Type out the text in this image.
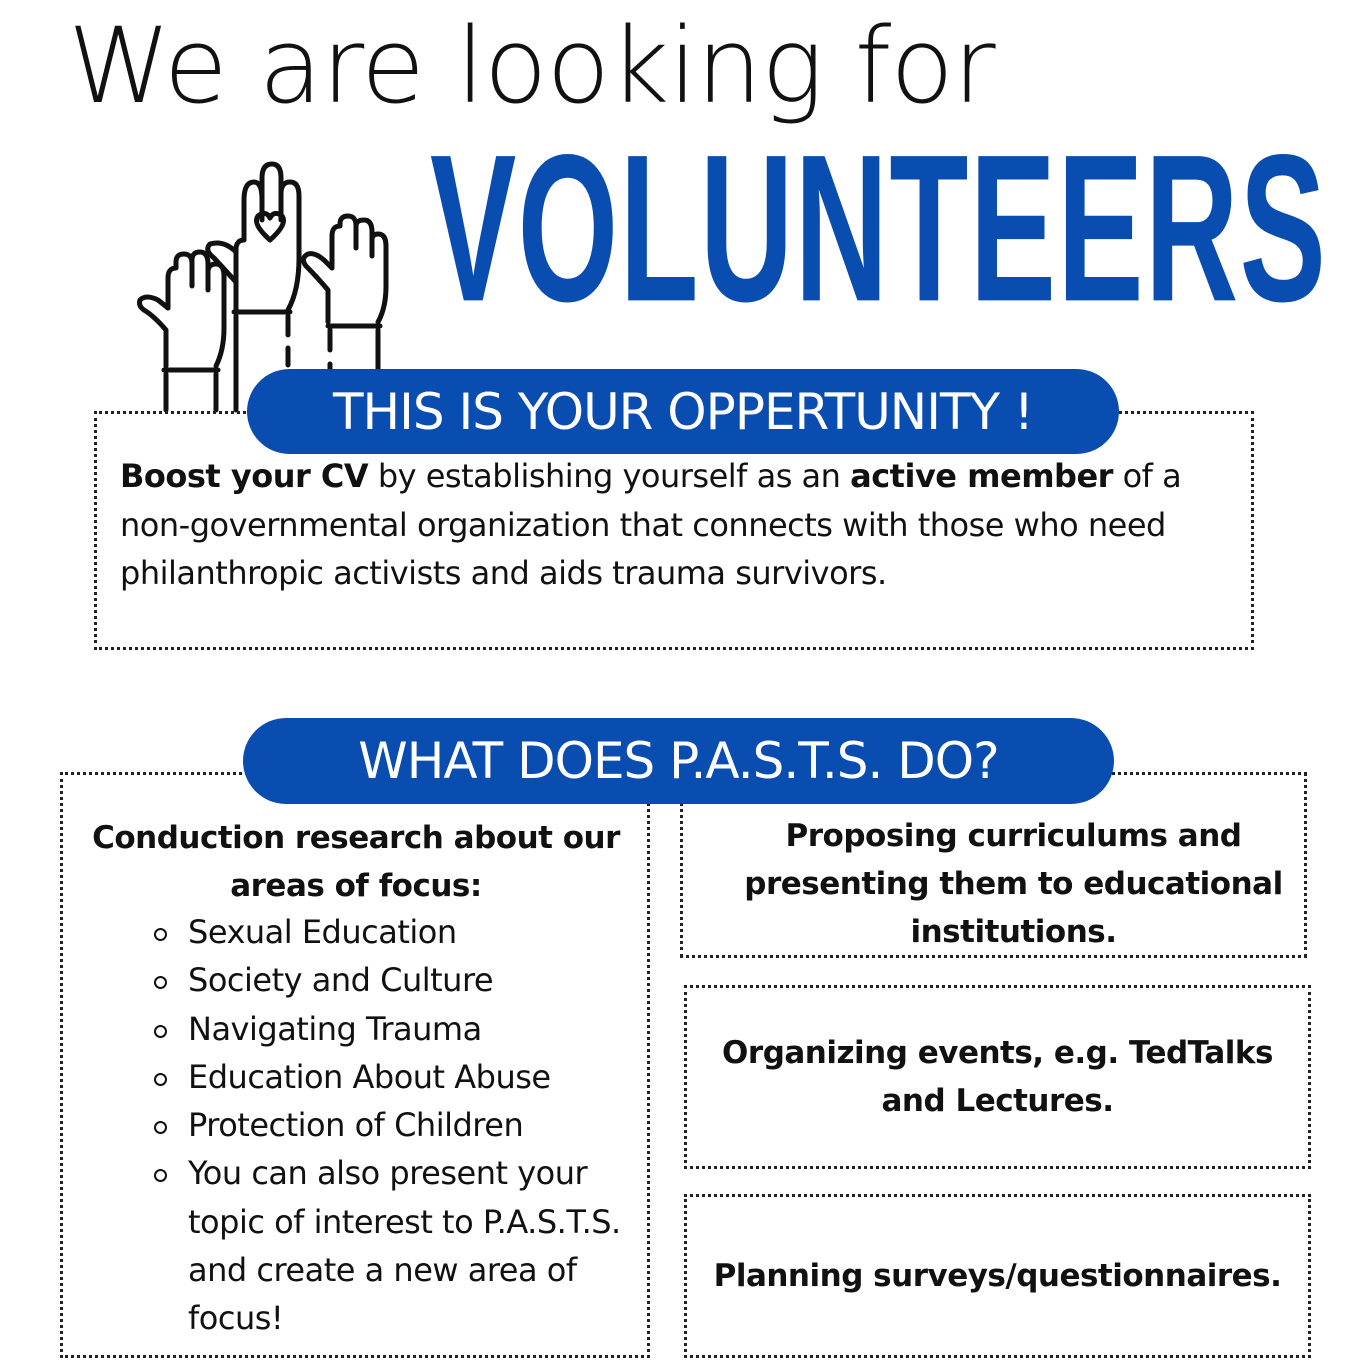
We are looking for
VOLUNTEERS
THIS IS YOUR OPPERTUNITY !
Boost your CV by establishing yourself as an active member of a non-governmental organization that connects with those who need philanthropic activists and aids trauma survivors.
WHAT DOES P.A.S.T.S. DO?
Conduction research about our areas of focus:
Sexual Education
Society and Culture
Navigating Trauma
Education About Abuse
Protection of Children
You can also present your topic of interest to P.A.S.T.S. and create a new area of focus!
Proposing curriculums and presenting them to educational institutions.
Organizing events, e.g. TedTalks and Lectures.
Planning surveys/questionnaires.
